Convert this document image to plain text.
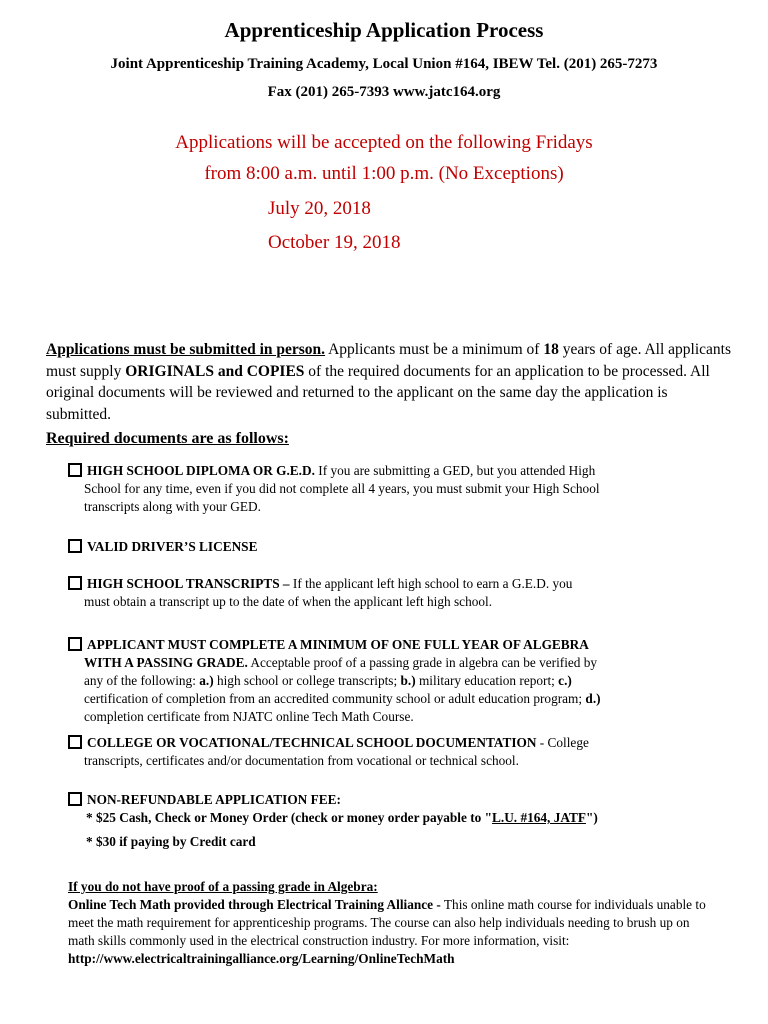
Apprenticeship Application Process
Joint Apprenticeship Training Academy, Local Union #164, IBEW Tel. (201) 265-7273
Fax (201) 265-7393 www.jatc164.org
Applications will be accepted on the following Fridays
from 8:00 a.m. until 1:00 p.m. (No Exceptions)
July 20, 2018
October 19, 2018
Applications must be submitted in person. Applicants must be a minimum of 18 years of age. All applicants must supply ORIGINALS and COPIES of the required documents for an application to be processed. All original documents will be reviewed and returned to the applicant on the same day the application is submitted.
Required documents are as follows:
HIGH SCHOOL DIPLOMA OR G.E.D. If you are submitting a GED, but you attended High
School for any time, even if you did not complete all 4 years, you must submit your High School
transcripts along with your GED.
VALID DRIVER’S LICENSE
HIGH SCHOOL TRANSCRIPTS – If the applicant left high school to earn a G.E.D. you
must obtain a transcript up to the date of when the applicant left high school.
APPLICANT MUST COMPLETE A MINIMUM OF ONE FULL YEAR OF ALGEBRA
WITH A PASSING GRADE. Acceptable proof of a passing grade in algebra can be verified by
any of the following: a.) high school or college transcripts; b.) military education report; c.)
certification of completion from an accredited community school or adult education program; d.)
completion certificate from NJATC online Tech Math Course.
COLLEGE OR VOCATIONAL/TECHNICAL SCHOOL DOCUMENTATION - College
transcripts, certificates and/or documentation from vocational or technical school.
NON-REFUNDABLE APPLICATION FEE:
* $25 Cash, Check or Money Order (check or money order payable to "L.U. #164, JATF")
* $30 if paying by Credit card
If you do not have proof of a passing grade in Algebra:
Online Tech Math provided through Electrical Training Alliance - This online math course for individuals unable to meet the math requirement for apprenticeship programs. The course can also help individuals needing to brush up on math skills commonly used in the electrical construction industry. For more information, visit: http://www.electricaltrainingalliance.org/Learning/OnlineTechMath
